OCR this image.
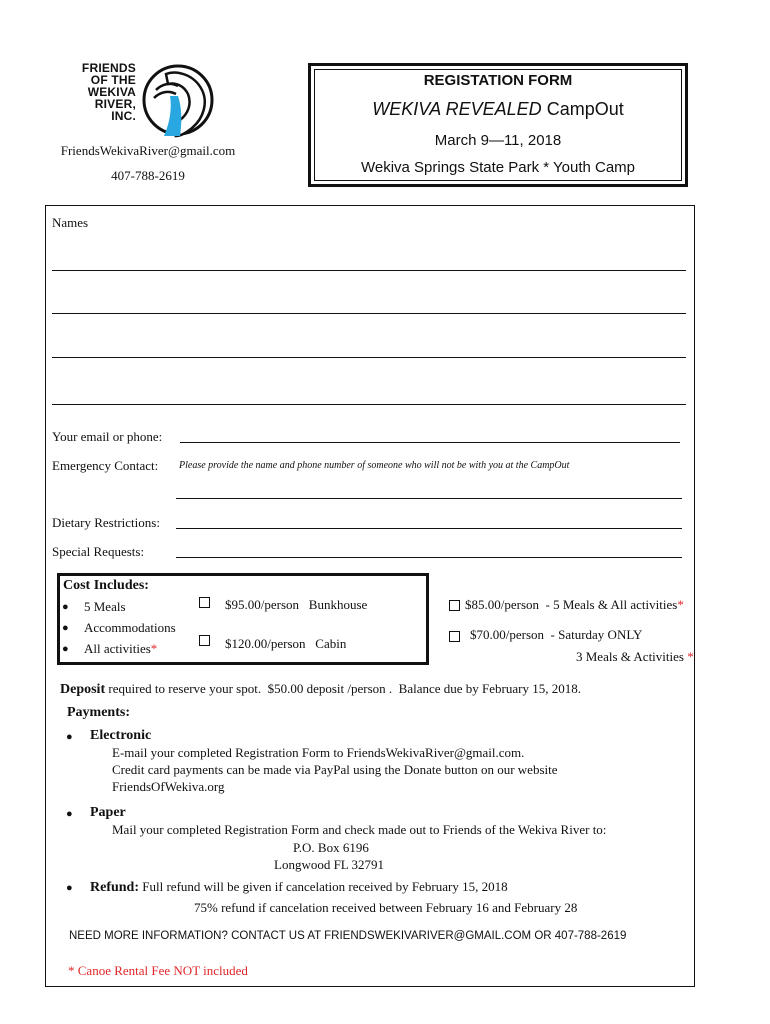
FRIENDS
OF THE
WEKIVA
RIVER,
INC.
FriendsWekivaRiver@gmail.com
407-788-2619
REGISTATION FORM
WEKIVA REVEALED CampOut
March 9—11, 2018
Wekiva Springs State Park * Youth Camp
Names
Your email or phone:
Emergency Contact: Please provide the name and phone number of someone who will not be with you at the CampOut
Dietary Restrictions:
Special Requests:
Cost Includes:
● 5 Meals
● Accommodations
● All activities*
$95.00/person   Bunkhouse
$120.00/person   Cabin
$85.00/person  - 5 Meals & All activities*
$70.00/person  - Saturday ONLY
3 Meals & Activities *
Deposit required to reserve your spot.  $50.00 deposit /person .  Balance due by February 15, 2018.
Payments:
● Electronic
E-mail your completed Registration Form to FriendsWekivaRiver@gmail.com.
Credit card payments can be made via PayPal using the Donate button on our website
FriendsOfWekiva.org
● Paper
Mail your completed Registration Form and check made out to Friends of the Wekiva River to:
P.O. Box 6196
Longwood FL 32791
● Refund: Full refund will be given if cancelation received by February 15, 2018
75% refund if cancelation received between February 16 and February 28
NEED MORE INFORMATION? CONTACT US AT FRIENDSWEKIVARIVER@GMAIL.COM OR 407-788-2619
* Canoe Rental Fee NOT included
